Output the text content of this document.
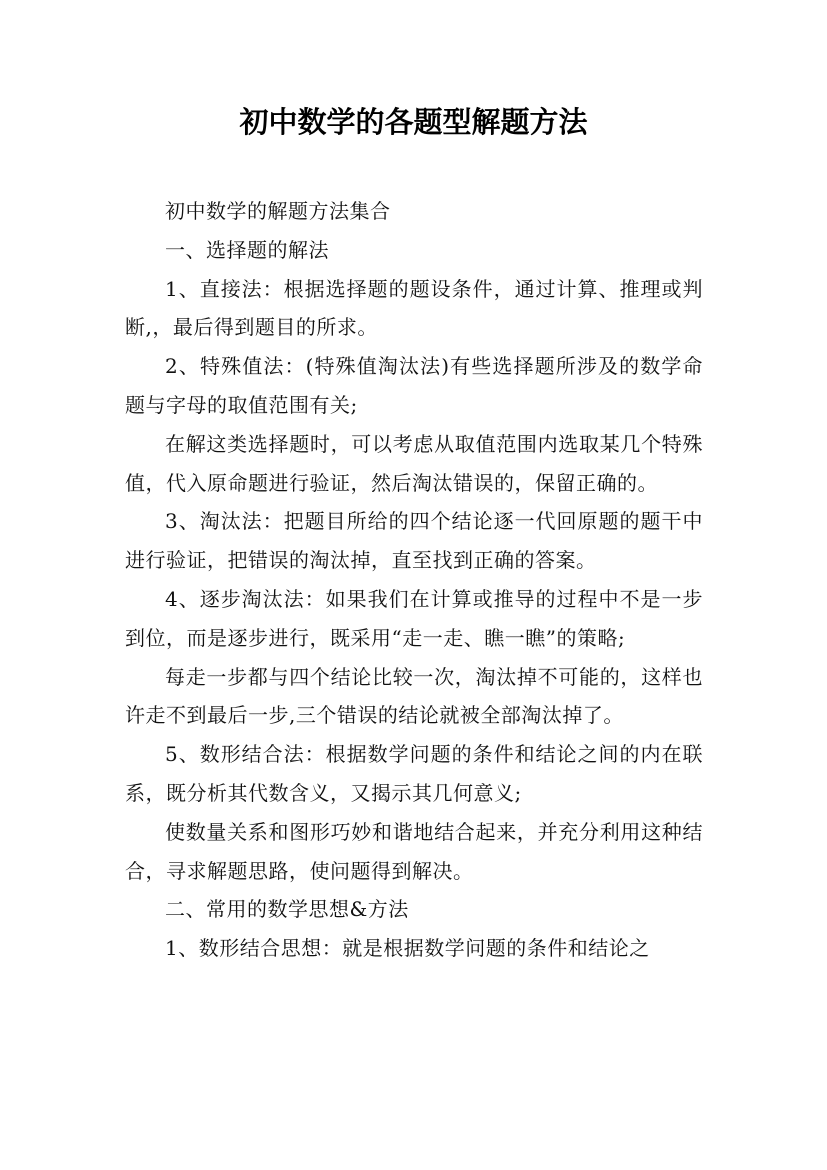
初中数学的各题型解题方法

初中数学的解题方法集合

一、选择题的解法

1、直接法：根据选择题的题设条件，通过计算、推理或判断,，最后得到题目的所求。

2、特殊值法：(特殊值淘汰法)有些选择题所涉及的数学命题与字母的取值范围有关;

在解这类选择题时，可以考虑从取值范围内选取某几个特殊值，代入原命题进行验证，然后淘汰错误的，保留正确的。

3、淘汰法：把题目所给的四个结论逐一代回原题的题干中进行验证，把错误的淘汰掉，直至找到正确的答案。

4、逐步淘汰法：如果我们在计算或推导的过程中不是一步到位，而是逐步进行，既采用“走一走、瞧一瞧”的策略;

每走一步都与四个结论比较一次，淘汰掉不可能的，这样也许走不到最后一步,三个错误的结论就被全部淘汰掉了。

5、数形结合法：根据数学问题的条件和结论之间的内在联系，既分析其代数含义，又揭示其几何意义;

使数量关系和图形巧妙和谐地结合起来，并充分利用这种结合，寻求解题思路，使问题得到解决。

二、常用的数学思想&方法

1、数形结合思想：就是根据数学问题的条件和结论之
